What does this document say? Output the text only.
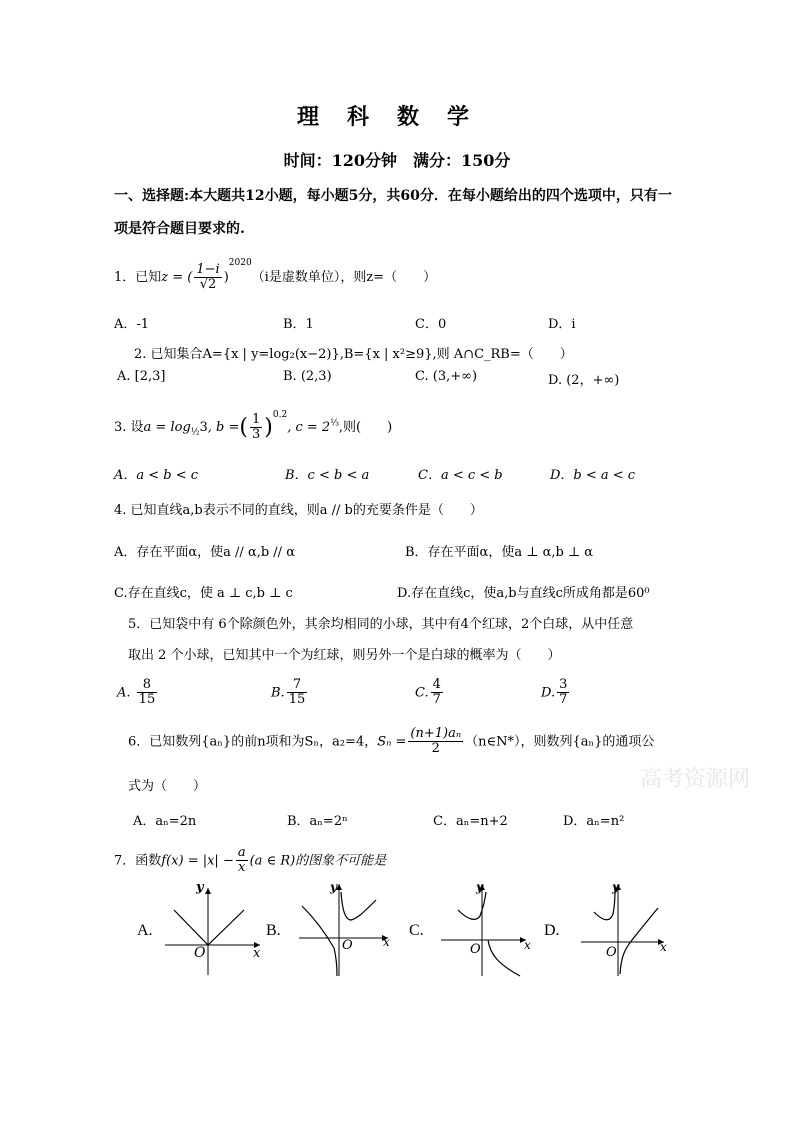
理科数学
时间：120分钟　满分：150分
一、选择题:本大题共12小题，每小题5分，共60分．在每小题给出的四个选项中，只有一
项是符合题目要求的.
1．已知z = ( $\frac{1-i}{√2} )^{2020}(i$是虚数单位），则z=（　　）
A．-1	B．1	C．0	D．i
2. 已知集合A={x | y=log₂(x−2)},B={x | x²≥9},则 A∩C_RB=（　　）
A. [2,3]	B. (2,3)	C. (3,+∞)	D. (2，+∞)
3. 设$a = \log_{\frac{1}{2}}3$, b =( $\frac{1}{3} )^{0.2}$, $c = 2^{\frac{1}{3}}$,则(　　)
A．a < b < c	B．c < b < a	C．a < c < b	D．b < a < c
4. 已知直线a,b表示不同的直线，则a // b的充要条件是（　　）
A．存在平面α，使a // α,b // α	B．存在平面α，使a ⊥ α,b ⊥ α
C.存在直线c，使 a ⊥ c,b ⊥ c	D.存在直线c，使a,b与直线c所成角都是60⁰
5．已知袋中有 6个除颜色外，其余均相同的小球，其中有4个红球，2个白球，从中任意
取出 2 个小球，已知其中一个为红球，则另外一个是白球的概率为（　　）
A. $\frac{8}{15}$	B. $\frac{7}{15}$	C. $\frac{4}{7}$	D. $\frac{3}{7}$
6．已知数列{aₙ}的前n项和为Sₙ，a₂=4，$S_n = \frac{\text{(n+1)aₙ}}{2}$ （n∈N*），则数列{aₙ}的通项公
高考资源网
式为（　　）
A．aₙ=2n	B．aₙ=2ⁿ	C．aₙ=n+2	D．aₙ=n²
7．函数$f(x) = |x| - \frac{a}{x} (a$ ∈ R)的图象不可能是
A.
y
x
O
B.
y
x
O
C.
y
x
O
D.
y
x
O
